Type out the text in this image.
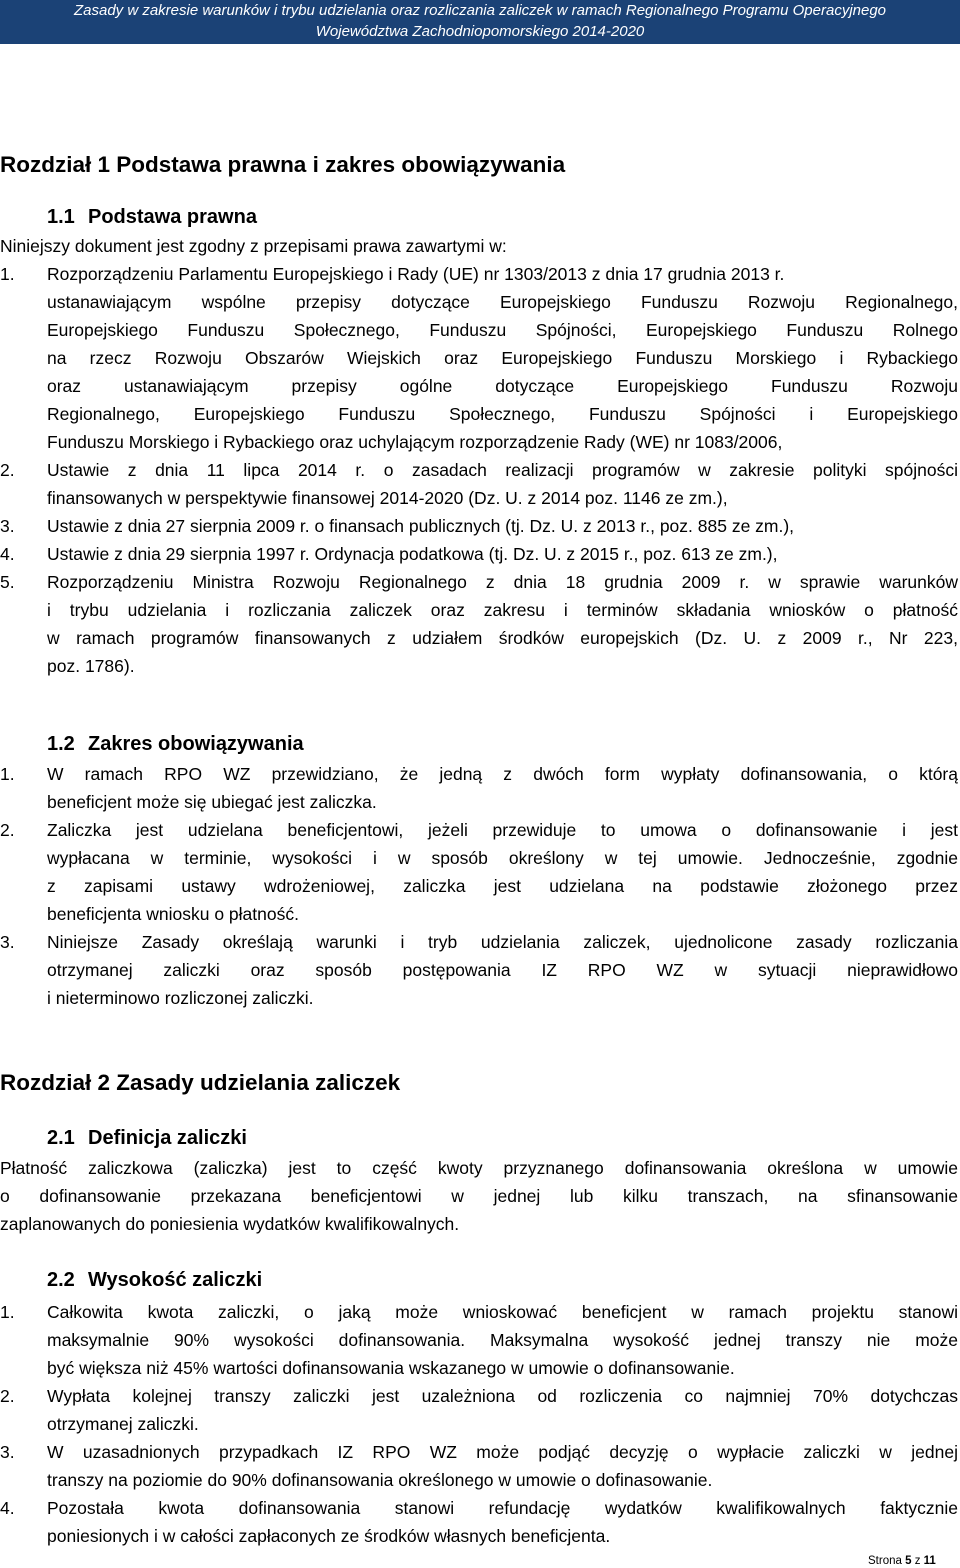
Zasady w zakresie warunków i trybu udzielania oraz rozliczania zaliczek w ramach Regionalnego Programu Operacyjnego
Województwa Zachodniopomorskiego 2014-2020
Rozdział 1 Podstawa prawna i zakres obowiązywania
1.1 Podstawa prawna
Niniejszy dokument jest zgodny z przepisami prawa zawartymi w:
1. Rozporządzeniu Parlamentu Europejskiego i Rady (UE) nr 1303/2013 z dnia 17 grudnia 2013 r.
ustanawiającym wspólne przepisy dotyczące Europejskiego Funduszu Rozwoju Regionalnego,
Europejskiego Funduszu Społecznego, Funduszu Spójności, Europejskiego Funduszu Rolnego
na rzecz Rozwoju Obszarów Wiejskich oraz Europejskiego Funduszu Morskiego i Rybackiego
oraz ustanawiającym przepisy ogólne dotyczące Europejskiego Funduszu Rozwoju
Regionalnego, Europejskiego Funduszu Społecznego, Funduszu Spójności i Europejskiego
Funduszu Morskiego i Rybackiego oraz uchylającym rozporządzenie Rady (WE) nr 1083/2006,
2. Ustawie z dnia 11 lipca 2014 r. o zasadach realizacji programów w zakresie polityki spójności
finansowanych w perspektywie finansowej 2014-2020 (Dz. U. z 2014 poz. 1146 ze zm.),
3. Ustawie z dnia 27 sierpnia 2009 r. o finansach publicznych (tj. Dz. U. z 2013 r., poz. 885 ze zm.),
4. Ustawie z dnia 29 sierpnia 1997 r. Ordynacja podatkowa (tj. Dz. U. z 2015 r., poz. 613 ze zm.),
5. Rozporządzeniu Ministra Rozwoju Regionalnego z dnia 18 grudnia 2009 r. w sprawie warunków
i trybu udzielania i rozliczania zaliczek oraz zakresu i terminów składania wniosków o płatność
w ramach programów finansowanych z udziałem środków europejskich (Dz. U. z 2009 r., Nr 223,
poz. 1786).
1.2 Zakres obowiązywania
1. W ramach RPO WZ przewidziano, że jedną z dwóch form wypłaty dofinansowania, o którą
beneficjent może się ubiegać jest zaliczka.
2. Zaliczka jest udzielana beneficjentowi, jeżeli przewiduje to umowa o dofinansowanie i jest
wypłacana w terminie, wysokości i w sposób określony w tej umowie. Jednocześnie, zgodnie
z zapisami ustawy wdrożeniowej, zaliczka jest udzielana na podstawie złożonego przez
beneficjenta wniosku o płatność.
3. Niniejsze Zasady określają warunki i tryb udzielania zaliczek, ujednolicone zasady rozliczania
otrzymanej zaliczki oraz sposób postępowania IZ RPO WZ w sytuacji nieprawidłowo
i nieterminowo rozliczonej zaliczki.
Rozdział 2 Zasady udzielania zaliczek
2.1 Definicja zaliczki
Płatność zaliczkowa (zaliczka) jest to część kwoty przyznanego dofinansowania określona w umowie
o dofinansowanie przekazana beneficjentowi w jednej lub kilku transzach, na sfinansowanie
zaplanowanych do poniesienia wydatków kwalifikowalnych.
2.2 Wysokość zaliczki
1. Całkowita kwota zaliczki, o jaką może wnioskować beneficjent w ramach projektu stanowi
maksymalnie 90% wysokości dofinansowania. Maksymalna wysokość jednej transzy nie może
być większa niż 45% wartości dofinansowania wskazanego w umowie o dofinansowanie.
2. Wypłata kolejnej transzy zaliczki jest uzależniona od rozliczenia co najmniej 70% dotychczas
otrzymanej zaliczki.
3. W uzasadnionych przypadkach IZ RPO WZ może podjąć decyzję o wypłacie zaliczki w jednej
transzy na poziomie do 90% dofinansowania określonego w umowie o dofinasowanie.
4. Pozostała kwota dofinansowania stanowi refundację wydatków kwalifikowalnych faktycznie
poniesionych i w całości zapłaconych ze środków własnych beneficjenta.
Strona 5 z 11
